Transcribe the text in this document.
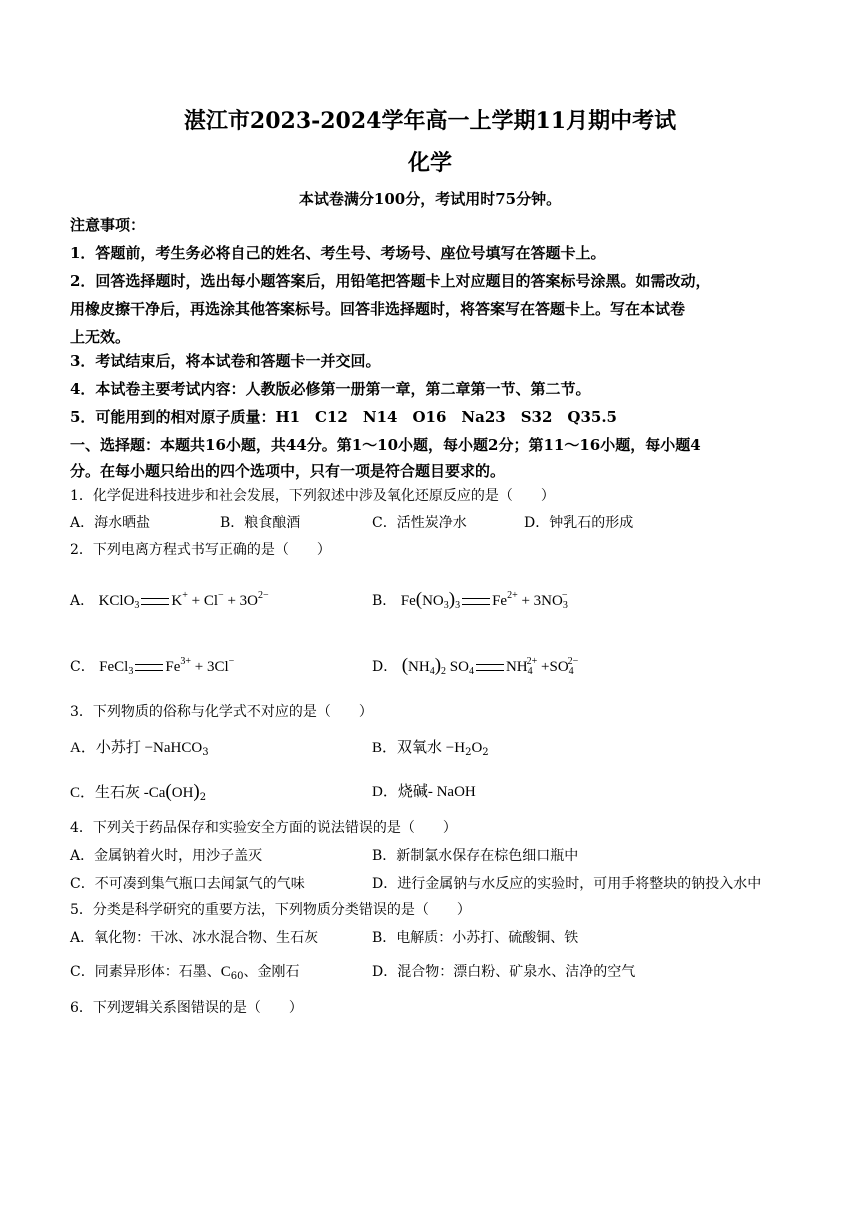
湛江市2023-2024学年高一上学期11月期中考试
化学
本试卷满分100分，考试用时75分钟。
注意事项：
1．答题前，考生务必将自己的姓名、考生号、考场号、座位号填写在答题卡上。
2．回答选择题时，选出每小题答案后，用铅笔把答题卡上对应题目的答案标号涂黑。如需改动，
用橡皮擦干净后，再选涂其他答案标号。回答非选择题时，将答案写在答题卡上。写在本试卷
上无效。
3．考试结束后，将本试卷和答题卡一并交回。
4．本试卷主要考试内容：人教版必修第一册第一章，第二章第一节、第二节。
5．可能用到的相对原子质量：H1　C12　N14　O16　Na23　S32　Q35.5
一、选择题：本题共16小题，共44分。第1～10小题，每小题2分；第11～16小题，每小题4
分。在每小题只给出的四个选项中，只有一项是符合题目要求的。
1．化学促进科技进步和社会发展，下列叙述中涉及氧化还原反应的是（　　）
A．海水晒盐	B．粮食酿酒	C．活性炭净水	D．钟乳石的形成
2．下列电离方程式书写正确的是（　　）
A． KClO$_3$ $K^+ + Cl^- + 3O^{2-}$	B． $Fe(NO_3)_3$ $Fe^{2+} + 3NO_3^-$
C． FeCl$_3$ $Fe^{3+} + 3Cl^-$	D． $(NH_4)_2$ $SO_4$ $NH_4^{2+} +SO_4^{2-}$
3．下列物质的俗称与化学式不对应的是（　　）
A．小苏打 −NaHCO$_3$	B．双氧水 $-H_2O_2$
C．生石灰 $-Ca(OH)_2$	D．烧碱- NaOH
4．下列关于药品保存和实验安全方面的说法错误的是（　　）
A．金属钠着火时，用沙子盖灭	B．新制氯水保存在棕色细口瓶中
C．不可凑到集气瓶口去闻氯气的气味	D．进行金属钠与水反应的实验时，可用手将整块的钠投入水中
5．分类是科学研究的重要方法，下列物质分类错误的是（　　）
A．氧化物：干冰、冰水混合物、生石灰	B．电解质：小苏打、硫酸铜、铁
C．同素异形体：石墨、$C_{60}$、金刚石	D．混合物：漂白粉、矿泉水、洁净的空气
6．下列逻辑关系图错误的是（　　）
